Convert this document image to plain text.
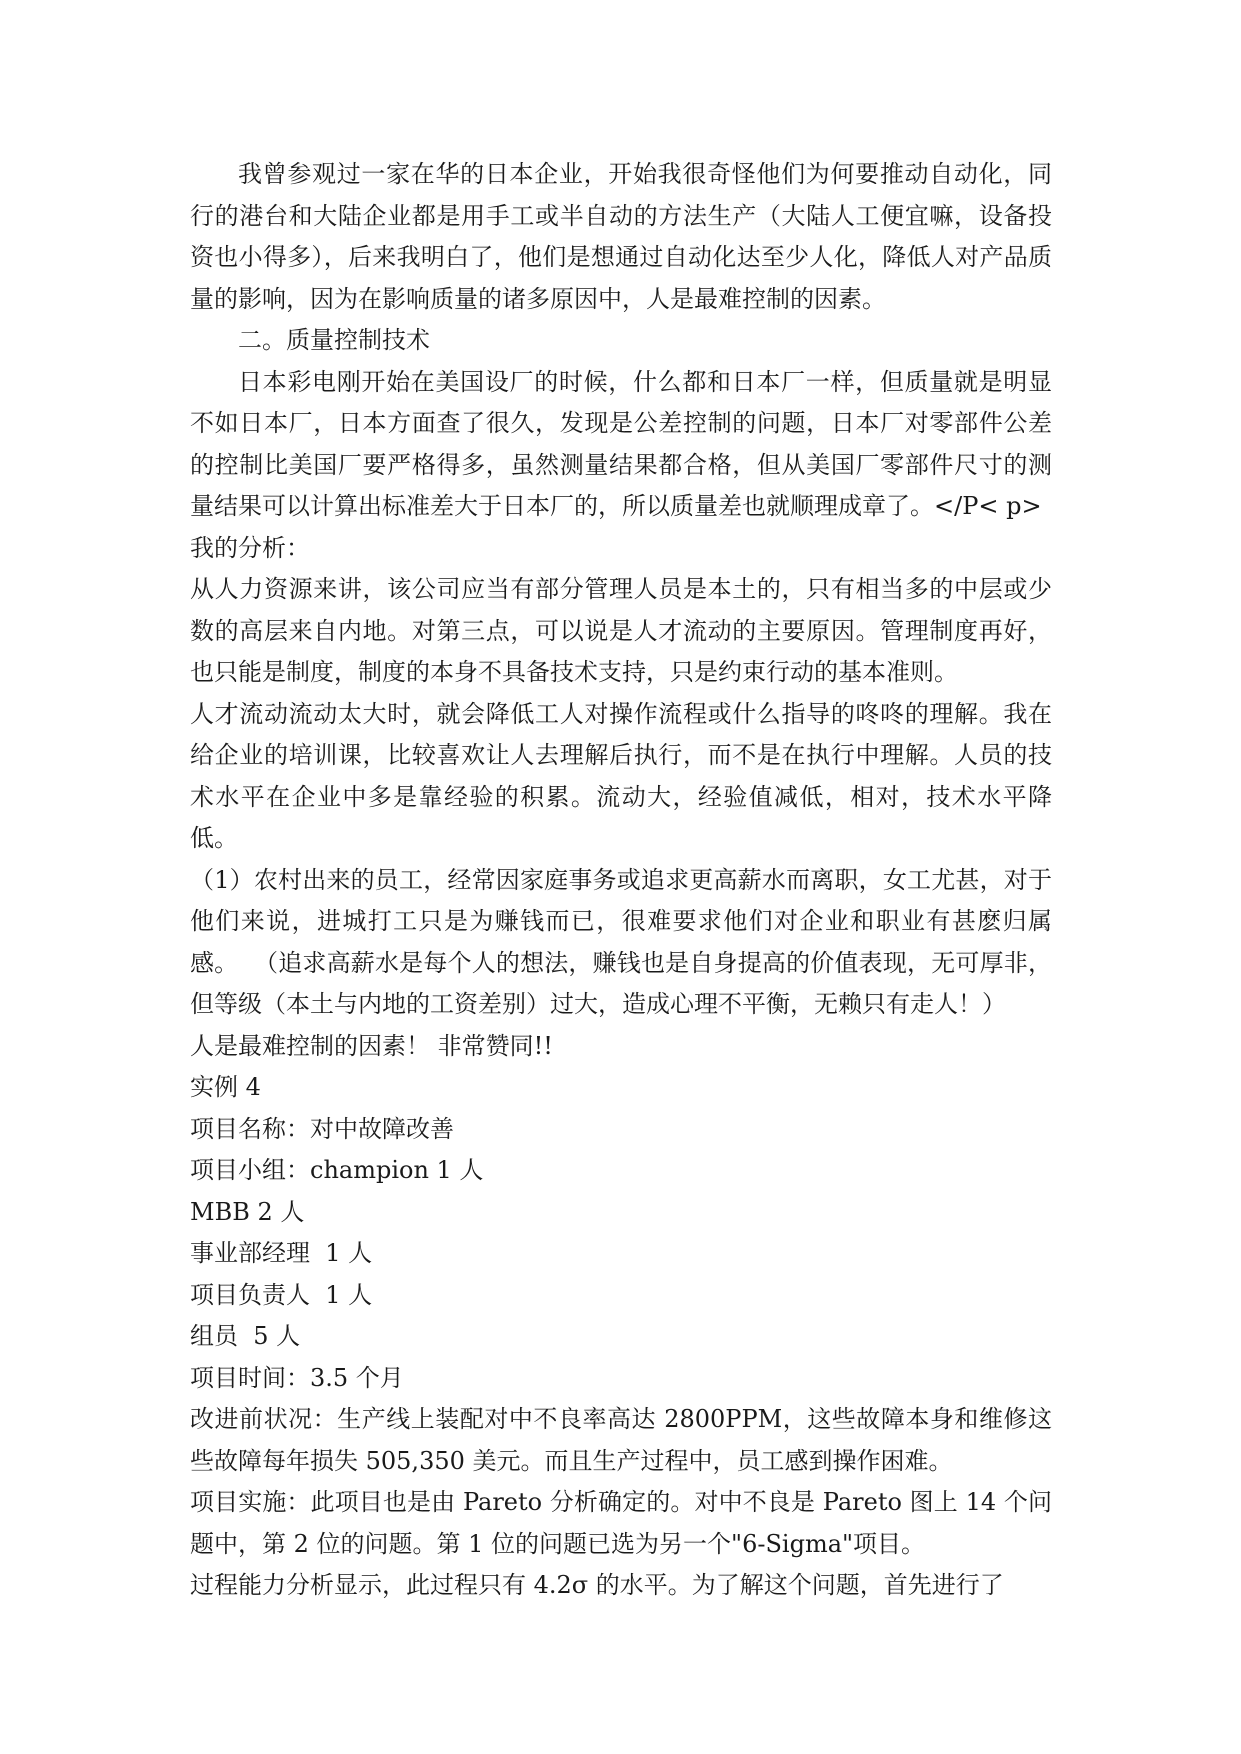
我曾参观过一家在华的日本企业，开始我很奇怪他们为何要推动自动化，同行的港台和大陆企业都是用手工或半自动的方法生产（大陆人工便宜嘛，设备投资也小得多），后来我明白了，他们是想通过自动化达至少人化，降低人对产品质量的影响，因为在影响质量的诸多原因中，人是最难控制的因素。

二。质量控制技术

日本彩电刚开始在美国设厂的时候，什么都和日本厂一样，但质量就是明显不如日本厂，日本方面查了很久，发现是公差控制的问题，日本厂对零部件公差的控制比美国厂要严格得多，虽然测量结果都合格，但从美国厂零部件尺寸的测量结果可以计算出标准差大于日本厂的，所以质量差也就顺理成章了。</P< p>

我的分析：

从人力资源来讲，该公司应当有部分管理人员是本土的，只有相当多的中层或少数的高层来自内地。对第三点，可以说是人才流动的主要原因。管理制度再好，也只能是制度，制度的本身不具备技术支持，只是约束行动的基本准则。

人才流动流动太大时，就会降低工人对操作流程或什么指导的咚咚的理解。我在给企业的培训课，比较喜欢让人去理解后执行，而不是在执行中理解。人员的技术水平在企业中多是靠经验的积累。流动大，经验值减低，相对，技术水平降低。

（1）农村出来的员工，经常因家庭事务或追求更高薪水而离职，女工尤甚，对于他们来说，进城打工只是为赚钱而已，很难要求他们对企业和职业有甚麽归属感。  （追求高薪水是每个人的想法，赚钱也是自身提高的价值表现，无可厚非，但等级（本土与内地的工资差别）过大，造成心理不平衡，无赖只有走人！）

人是最难控制的因素！ 非常赞同!!

实例 4

项目名称：对中故障改善

项目小组：champion 1 人

MBB 2 人

事业部经理  1 人

项目负责人  1 人

组员  5 人

项目时间：3.5 个月

改进前状况：生产线上装配对中不良率高达 2800PPM，这些故障本身和维修这些故障每年损失 505,350 美元。而且生产过程中，员工感到操作困难。

项目实施：此项目也是由 Pareto 分析确定的。对中不良是 Pareto 图上 14 个问题中，第 2 位的问题。第 1 位的问题已选为另一个"6-Sigma"项目。

过程能力分析显示，此过程只有 4.2σ 的水平。为了解这个问题，首先进行了
